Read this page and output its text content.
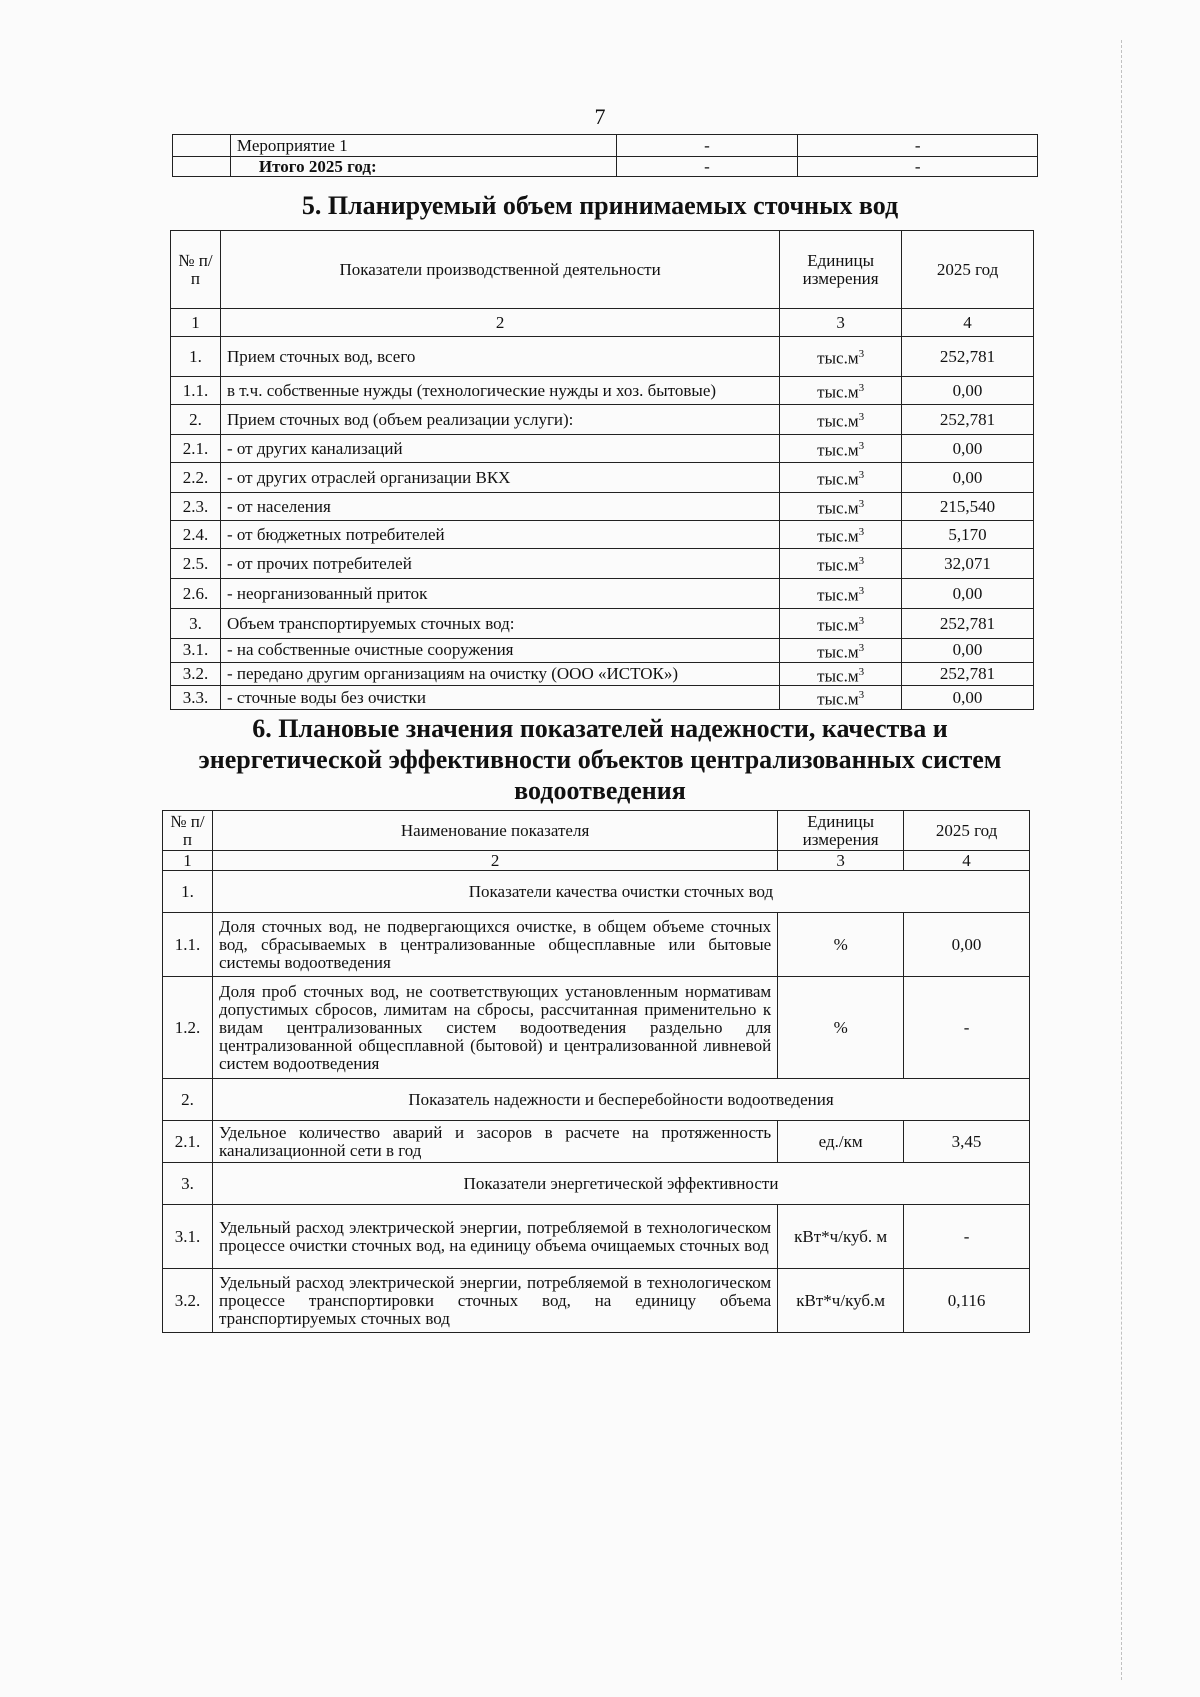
7
	Мероприятие 1	-	-
	Итого 2025 год:	-	-
5. Планируемый объем принимаемых сточных вод
№ п/п	Показатели производственной деятельности	Единицы измерения	2025 год
1	2	3	4
1.	Прием сточных вод, всего	$тыс.м^3$	252,781
1.1.	в т.ч. собственные нужды (технологические нужды и хоз. бытовые)	$тыс.м^3$	0,00
2.	Прием сточных вод (объем реализации услуги):	$тыс.м^3$	252,781
2.1.	- от других канализаций	$тыс.м^3$	0,00
2.2.	- от других отраслей организации ВКХ	$тыс.м^3$	0,00
2.3.	- от населения	$тыс.м^3$	215,540
2.4.	- от бюджетных потребителей	$тыс.м^3$	5,170
2.5.	- от прочих потребителей	$тыс.м^3$	32,071
2.6.	- неорганизованный приток	$тыс.м^3$	0,00
3.	Объем транспортируемых сточных вод:	$тыс.м^3$	252,781
3.1.	- на собственные очистные сооружения	$тыс.м^3$	0,00
3.2.	- передано другим организациям на очистку (ООО «ИСТОК»)	$тыс.м^3$	252,781
3.3.	- сточные воды без очистки	$тыс.м^3$	0,00
6. Плановые значения показателей надежности, качества и
энергетической эффективности объектов централизованных систем
водоотведения
№ п/п	Наименование показателя	Единицы измерения	2025 год
1	2	3	4
1.	Показатели качества очистки сточных вод		
1.1.	Доля сточных вод, не подвергающихся очистке, в общем объеме сточных вод, сбрасываемых в централизованные общесплавные или бытовые системы водоотведения	%	0,00
1.2.	Доля проб сточных вод, не соответствующих установленным нормативам допустимых сбросов, лимитам на сбросы, рассчитанная применительно к видам централизованных систем водоотведения раздельно для централизованной общесплавной (бытовой) и централизованной ливневой систем водоотведения	%	-
2.	Показатель надежности и бесперебойности водоотведения		
2.1.	Удельное количество аварий и засоров в расчете на протяженность канализационной сети в год	ед./км	3,45
3.	Показатели энергетической эффективности		
3.1.	Удельный расход электрической энергии, потребляемой в технологическом процессе очистки сточных вод, на единицу объема очищаемых сточных вод	кВт*ч/куб. м	-
3.2.	Удельный расход электрической энергии, потребляемой в технологическом процессе транспортировки сточных вод, на единицу объема транспортируемых сточных вод	кВт*ч/куб.м	0,116
